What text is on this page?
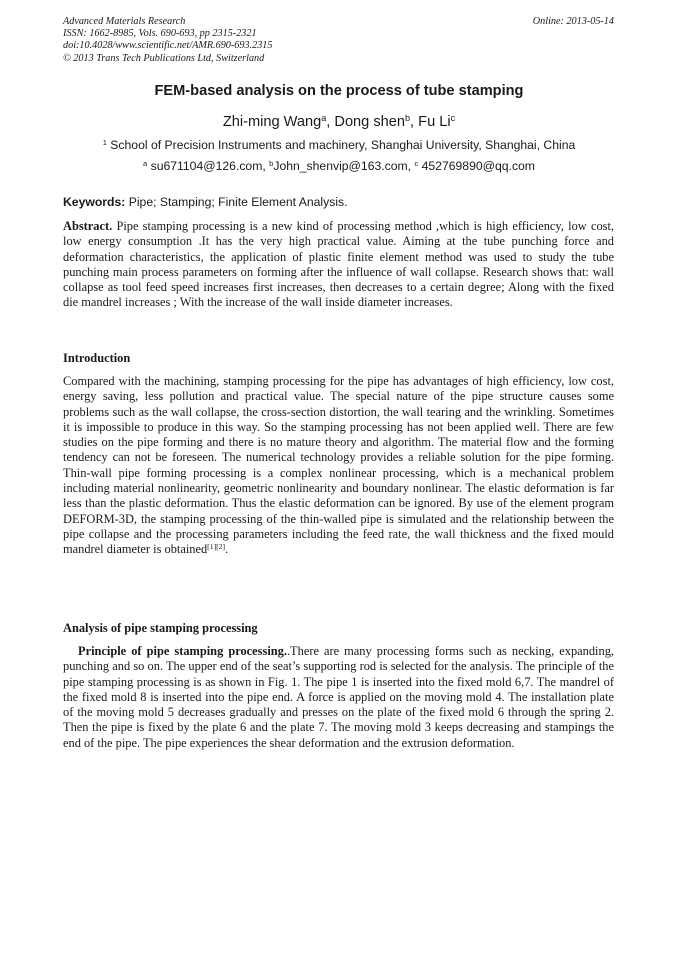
Advanced Materials Research
ISSN: 1662-8985, Vols. 690-693, pp 2315-2321
doi:10.4028/www.scientific.net/AMR.690-693.2315
© 2013 Trans Tech Publications Ltd, Switzerland
Online: 2013-05-14
FEM-based analysis on the process of tube stamping
Zhi-ming Wang$^a$, Dong shen$^b$, Fu Li$^c$
$^1$ School of Precision Instruments and machinery, Shanghai University, Shanghai, China
$^a$ su671104@126.com, $^b$John_shenvip@163.com, $^c$ 452769890@qq.com
Keywords: Pipe; Stamping; Finite Element Analysis.
Abstract. Pipe stamping processing is a new kind of processing method ,which is high efficiency, low cost, low energy consumption .It has the very high practical value. Aiming at the tube punching force and deformation characteristics, the application of plastic finite element method was used to study the tube punching main process parameters on forming after the influence of wall collapse. Research shows that: wall collapse as tool feed speed increases first increases, then decreases to a certain degree; Along with the fixed die mandrel increases ; With the increase of the wall inside diameter increases.
Introduction
Compared with the machining, stamping processing for the pipe has advantages of high efficiency, low cost, energy saving, less pollution and practical value. The special nature of the pipe structure causes some problems such as the wall collapse, the cross-section distortion, the wall tearing and the wrinkling. Sometimes it is impossible to produce in this way. So the stamping processing has not been applied well. There are few studies on the pipe forming and there is no mature theory and algorithm. The material flow and the forming tendency can not be foreseen. The numerical technology provides a reliable solution for the pipe forming. Thin-wall pipe forming processing is a complex nonlinear processing, which is a mechanical problem including material nonlinearity, geometric nonlinearity and boundary nonlinear. The elastic deformation is far less than the plastic deformation. Thus the elastic deformation can be ignored. By use of the element program DEFORM-3D, the stamping processing of the thin-walled pipe is simulated and the relationship between the pipe collapse and the processing parameters including the feed rate, the wall thickness and the fixed mould mandrel diameter is obtained[1][2].
Analysis of pipe stamping processing
Principle of pipe stamping processing..There are many processing forms such as necking, expanding, punching and so on. The upper end of the seat’s supporting rod is selected for the analysis. The principle of the pipe stamping processing is as shown in Fig. 1. The pipe 1 is inserted into the fixed mold 6,7. The mandrel of the fixed mold 8 is inserted into the pipe end. A force is applied on the moving mold 4. The installation plate of the moving mold 5 decreases gradually and presses on the plate of the fixed mold 6 through the spring 2. Then the pipe is fixed by the plate 6 and the plate 7. The moving mold 3 keeps decreasing and stampings the end of the pipe. The pipe experiences the shear deformation and the extrusion deformation.
